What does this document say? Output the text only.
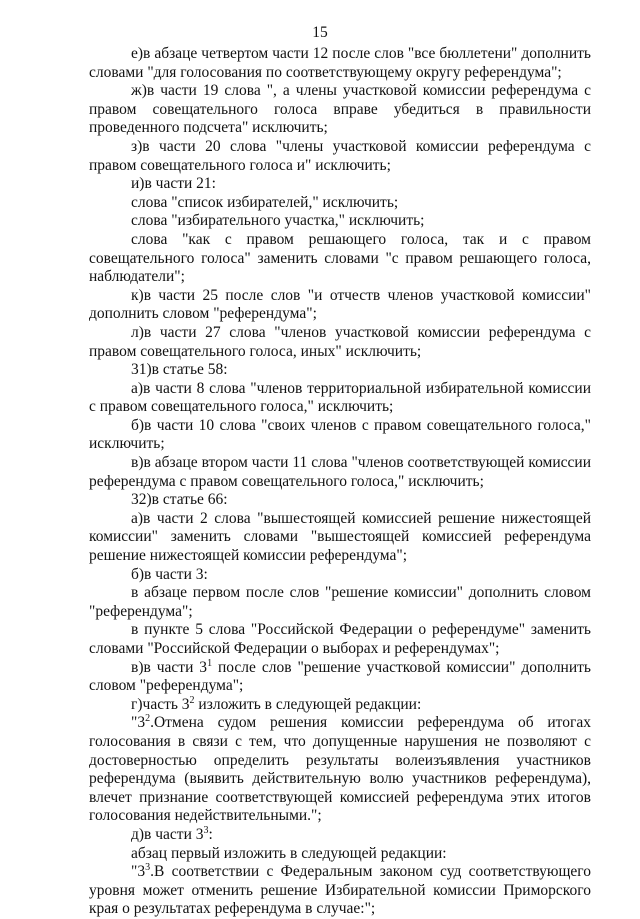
15

е)в абзаце четвертом части 12 после слов "все бюллетени" дополнить словами "для голосования по соответствующему округу референдума";

ж)в части 19 слова ", а члены участковой комиссии референдума с правом совещательного голоса вправе убедиться в правильности проведенного подсчета" исключить;

з)в части 20 слова "члены участковой комиссии референдума с правом совещательного голоса и" исключить;

и)в части 21:

слова "список избирателей," исключить;

слова "избирательного участка," исключить;

слова "как с правом решающего голоса, так и с правом совещательного голоса" заменить словами "с правом решающего голоса, наблюдатели";

к)в части 25 после слов "и отчеств членов участковой комиссии" дополнить словом "референдума";

л)в части 27 слова "членов участковой комиссии референдума с правом совещательного голоса, иных" исключить;

31)в статье 58:

а)в части 8 слова "членов территориальной избирательной комиссии с правом совещательного голоса," исключить;

б)в части 10 слова "своих членов с правом совещательного голоса," исключить;

в)в абзаце втором части 11 слова "членов соответствующей комиссии референдума с правом совещательного голоса," исключить;

32)в статье 66:

а)в части 2 слова "вышестоящей комиссией решение нижестоящей комиссии" заменить словами "вышестоящей комиссией референдума решение нижестоящей комиссии референдума";

б)в части 3:

в абзаце первом после слов "решение комиссии" дополнить словом "референдума";

в пункте 5 слова "Российской Федерации о референдуме" заменить словами "Российской Федерации о выборах и референдумах";

в)в части $3^1$ после слов "решение участковой комиссии" дополнить словом "референдума";

г)часть $3^2$ изложить в следующей редакции:

"$3^2.Отмена$ судом решения комиссии референдума об итогах голосования в связи с тем, что допущенные нарушения не позволяют с достоверностью определить результаты волеизъявления участников референдума (выявить действительную волю участников референдума), влечет признание соответствующей комиссией референдума этих итогов голосования недействительными.";

д)в части $3^3$:

абзац первый изложить в следующей редакции:

"$3^3.В$ соответствии с Федеральным законом суд соответствующего уровня может отменить решение Избирательной комиссии Приморского края о результатах референдума в случае:";
